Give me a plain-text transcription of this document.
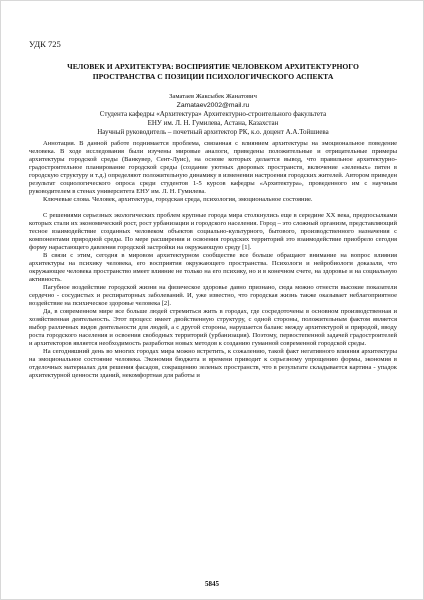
УДК 725
ЧЕЛОВЕК И АРХИТЕКТУРА: ВОСПРИЯТИЕ ЧЕЛОВЕКОМ АРХИТЕКТУРНОГО ПРОСТРАНСТВА С ПОЗИЦИИ ПСИХОЛОГИЧЕСКОГО АСПЕКТА
Заматаев Жаксыбек Жанатович
Zamataev2002@mail.ru
Студента кафедры «Архитектура» Архитектурно-строительного факультета
ЕНУ им. Л. Н. Гумилева, Астана, Казахстан
Научный руководитель – почетный архитектор РК, к.о. доцент А.А.Тойшиева

Аннотация. В данной работе поднимается проблема, связанная с влиянием архитектуры на эмоциональное поведение человека. В ходе исследования были изучены мировые аналоги, приведены положительные и отрицательные примеры архитектуры городской среды (Ванкувер, Сент-Луис), на основе которых делается вывод, что правильное архитектурно-градостроительное планирование городской среды (создание уютных дворовых пространств, включение «зеленых» пятен в городскую структуру и т.д.) определяют положительную динамику в изменении настроения городских жителей. Автором приведен результат социологического опроса среди студентов 1-5 курсов кафедры «Архитектура», проведенного им с научным руководителем в стенах университета ЕНУ им. Л. Н. Гумилева.

Ключевые слова. Человек, архитектура, городская среда, психология, эмоциональное состояние.

С решениями серьезных экологических проблем крупные города мира столкнулись еще в середине XX века, предпосылками которых стали их экономический рост, рост урбанизации и городского населения. Город – это сложный организм, представляющий тесное взаимодействие созданных человеком объектов социально-культурного, бытового, производственного назначения с компонентами природной среды. По мере расширения и освоения городских территорий это взаимодействие приобрело сегодня форму нарастающего давления городской застройки на окружающую среду [1].

В связи с этим, сегодня в мировом архитектурном сообществе все больше обращают внимание на вопрос влияния архитектуры на психику человека, его восприятия окружающего пространства. Психологи и нейробиологи доказали, что окружающее человека пространство имеет влияние не только на его психику, но и в конечном счете, на здоровье и на социальную активность.

Пагубное воздействие городской жизни на физическое здоровье давно признано, сюда можно отнести высокие показатели сердечно - сосудистых и респираторных заболеваний. И, уже известно, что городская жизнь также оказывает неблагоприятное воздействие на психическое здоровье человека [2].

Да, в современном мире все больше людей стремиться жить в городах, где сосредоточены в основном производственная и хозяйственная деятельность. Этот процесс имеет двойственную структуру, с одной стороны, положительным фактом является выбор различных видов деятельности для людей, а с другой стороны, нарушается баланс между архитектурой и природой, вводу роста городского населения и освоения свободных территорий (урбанизация). Поэтому, первостепенной задачей градостроителей и архитекторов является необходимость разработки новых методов к созданию гуманной современной городской среды.

На сегодняшний день во многих городах мира можно встретить, к сожалению, такой факт негативного влияния архитектуры на эмоциональное состояние человека. Экономия бюджета и времени приводит к серьезному упрощению формы, экономия в отделочных материалах для решения фасадов, сокращению зеленых пространств, что в результате складывается картина - упадок архитектурной ценности зданий, некомфортная для работы и

5845
